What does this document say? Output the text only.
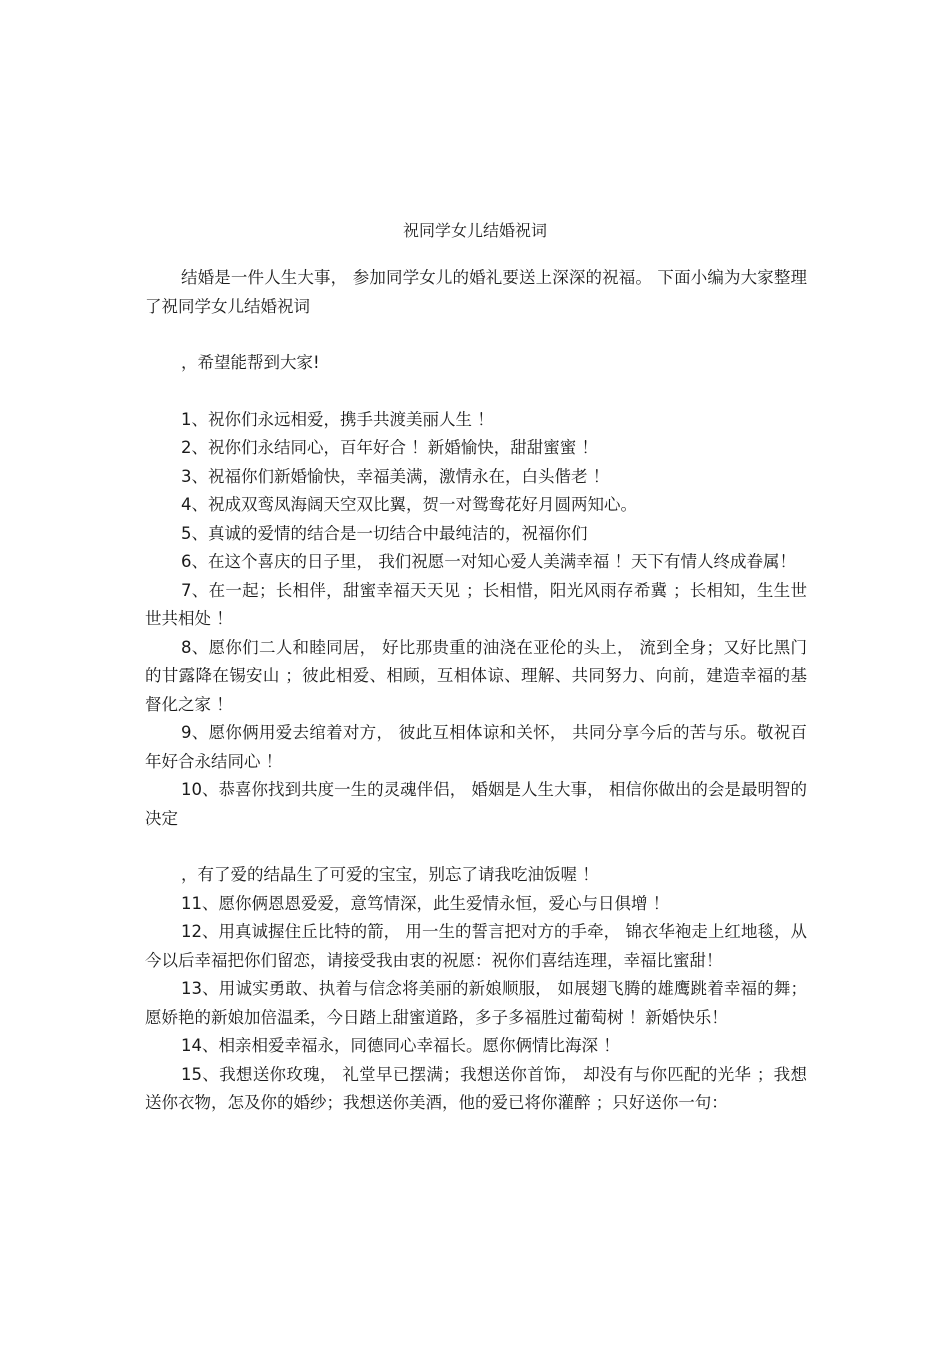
祝同学女儿结婚祝词

结婚是一件人生大事， 参加同学女儿的婚礼要送上深深的祝福。 下面小编为大家整理了祝同学女儿结婚祝词

，希望能帮到大家!

1、祝你们永远相爱，携手共渡美丽人生 ！

2、祝你们永结同心，百年好合 ！新婚愉快，甜甜蜜蜜 ！

3、祝福你们新婚愉快，幸福美满，激情永在，白头偕老 ！

4、祝成双鸾凤海阔天空双比翼，贺一对鸳鸯花好月圆两知心。

5、真诚的爱情的结合是一切结合中最纯洁的，祝福你们

6、在这个喜庆的日子里， 我们祝愿一对知心爱人美满幸福 ！天下有情人终成眷属！

7、在一起；长相伴，甜蜜幸福天天见 ；长相惜，阳光风雨存希冀 ；长相知，生生世世共相处 ！

8、愿你们二人和睦同居， 好比那贵重的油浇在亚伦的头上， 流到全身；又好比黑门的甘露降在锡安山 ；彼此相爱、相顾，互相体谅、理解、共同努力、向前，建造幸福的基督化之家 ！

9、愿你俩用爱去绾着对方， 彼此互相体谅和关怀， 共同分享今后的苦与乐。敬祝百年好合永结同心 ！

10、恭喜你找到共度一生的灵魂伴侣， 婚姻是人生大事， 相信你做出的会是最明智的决定

，有了爱的结晶生了可爱的宝宝，别忘了请我吃油饭喔 ！

11、愿你俩恩恩爱爱，意笃情深，此生爱情永恒，爱心与日俱增 ！

12、用真诚握住丘比特的箭， 用一生的誓言把对方的手牵， 锦衣华袍走上红地毯，从今以后幸福把你们留恋，请接受我由衷的祝愿：祝你们喜结连理，幸福比蜜甜！

13、用诚实勇敢、执着与信念将美丽的新娘顺服， 如展翅飞腾的雄鹰跳着幸福的舞；愿娇艳的新娘加倍温柔，今日踏上甜蜜道路，多子多福胜过葡萄树 ！新婚快乐！

14、相亲相爱幸福永，同德同心幸福长。愿你俩情比海深 ！

15、我想送你玫瑰， 礼堂早已摆满；我想送你首饰， 却没有与你匹配的光华 ；我想送你衣物，怎及你的婚纱；我想送你美酒，他的爱已将你灌醉 ；只好送你一句：
